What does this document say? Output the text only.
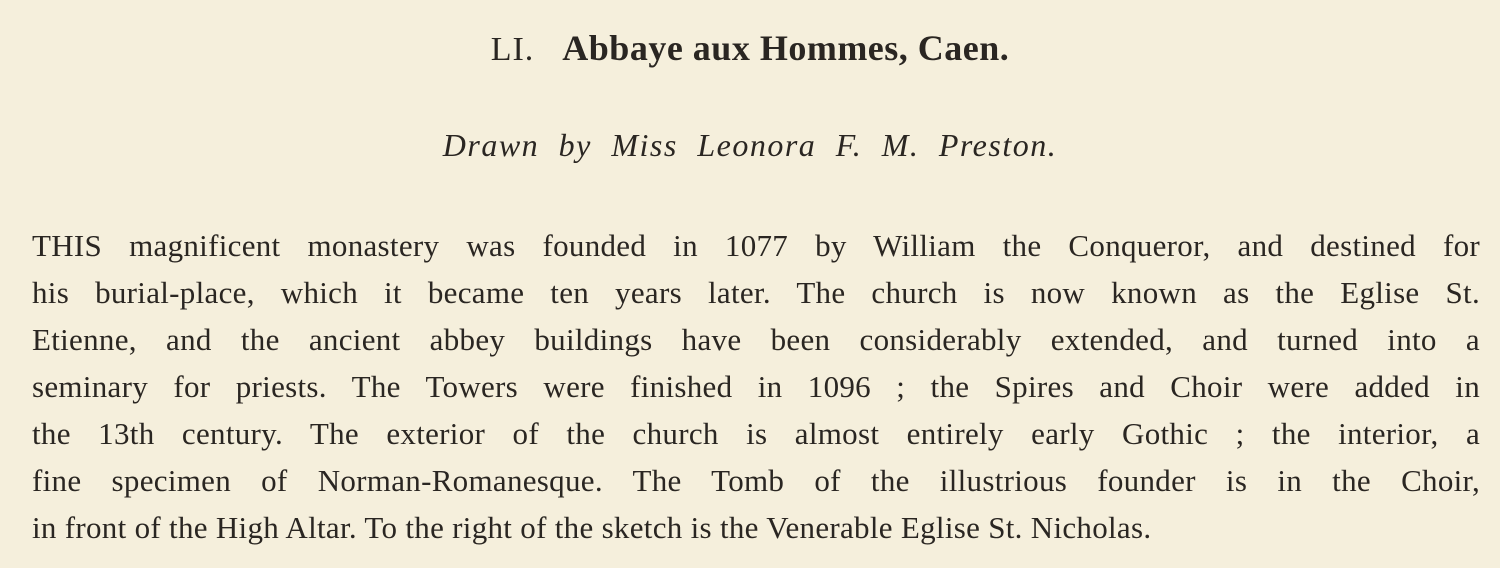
LI. Abbaye aux Hommes, Caen.
Drawn by Miss Leonora F. M. Preston.

THIS magnificent monastery was founded in 1077 by William the Conqueror, and destined for
his burial-place, which it became ten years later. The church is now known as the Eglise St.
Etienne, and the ancient abbey buildings have been considerably extended, and turned into a
seminary for priests. The Towers were finished in 1096 ; the Spires and Choir were added in
the 13th century. The exterior of the church is almost entirely early Gothic ; the interior, a
fine specimen of Norman-Romanesque. The Tomb of the illustrious founder is in the Choir,
in front of the High Altar. To the right of the sketch is the Venerable Eglise St. Nicholas.
